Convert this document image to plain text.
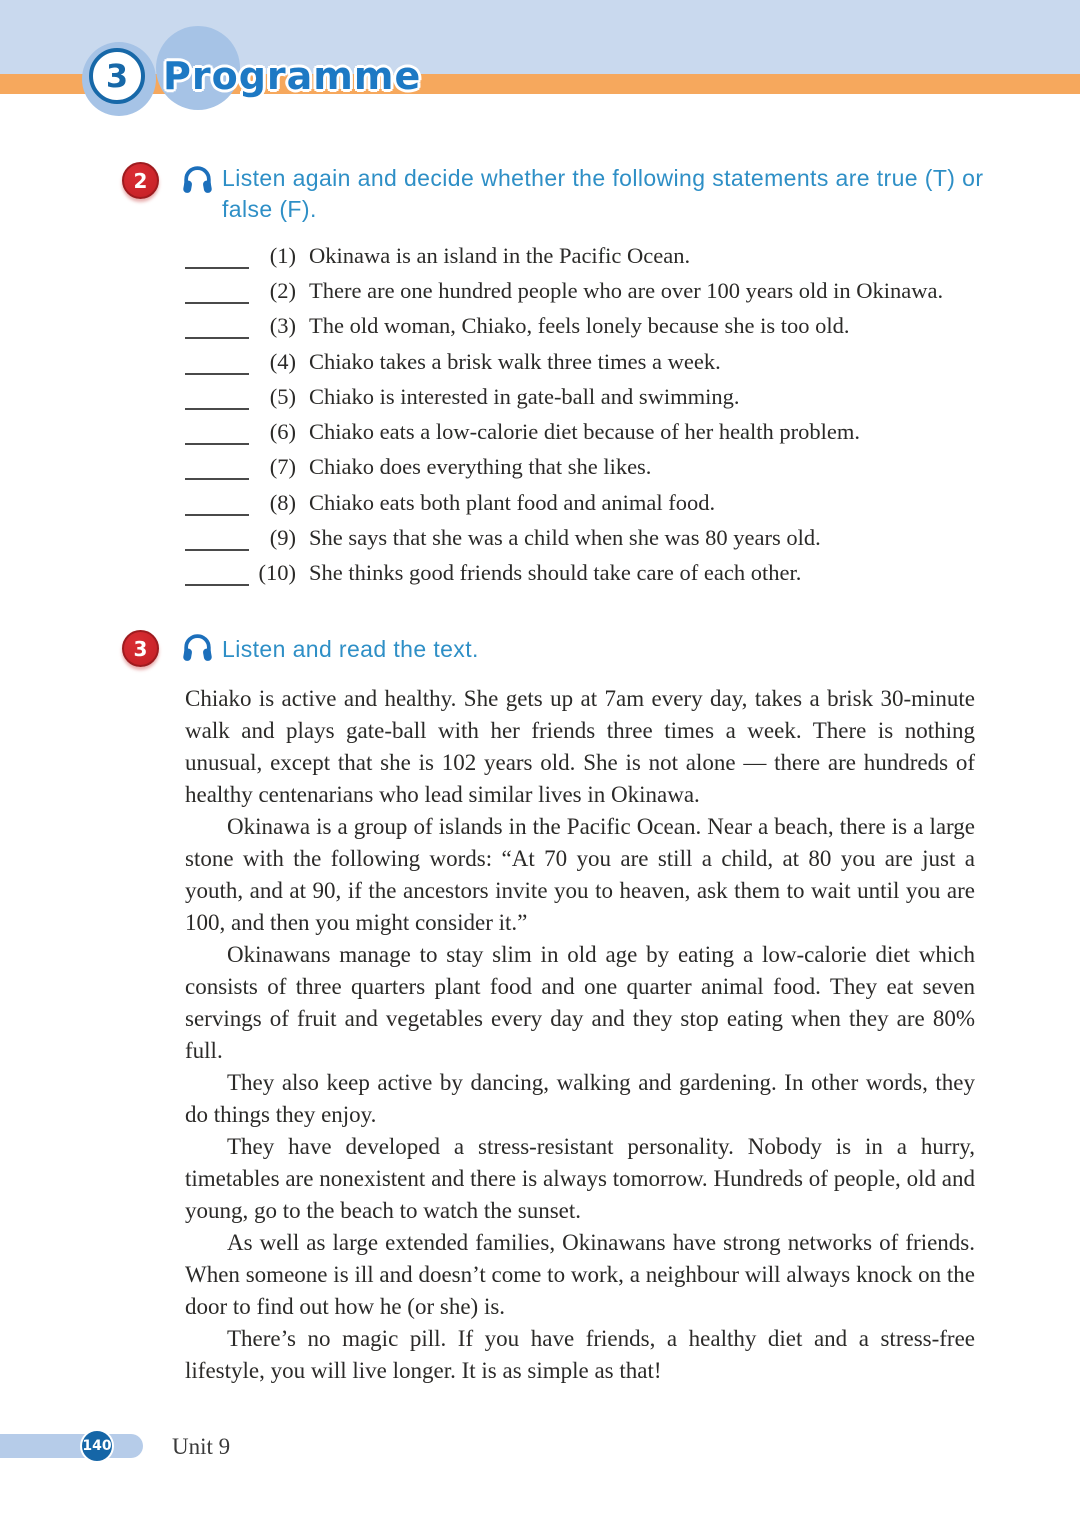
3 Programme
2	Listen again and decide whether the following statements are true (T) or false (F).
(1) Okinawa is an island in the Pacific Ocean.
(2) There are one hundred people who are over 100 years old in Okinawa.
(3) The old woman, Chiako, feels lonely because she is too old.
(4) Chiako takes a brisk walk three times a week.
(5) Chiako is interested in gate-ball and swimming.
(6) Chiako eats a low-calorie diet because of her health problem.
(7) Chiako does everything that she likes.
(8) Chiako eats both plant food and animal food.
(9) She says that she was a child when she was 80 years old.
(10) She thinks good friends should take care of each other.
3	Listen and read the text.

Chiako is active and healthy. She gets up at 7am every day, takes a brisk 30-minute walk and plays gate-ball with her friends three times a week. There is nothing unusual, except that she is 102 years old. She is not alone — there are hundreds of healthy centenarians who lead similar lives in Okinawa.

Okinawa is a group of islands in the Pacific Ocean. Near a beach, there is a large stone with the following words: “At 70 you are still a child, at 80 you are just a youth, and at 90, if the ancestors invite you to heaven, ask them to wait until you are 100, and then you might consider it.”

Okinawans manage to stay slim in old age by eating a low-calorie diet which consists of three quarters plant food and one quarter animal food. They eat seven servings of fruit and vegetables every day and they stop eating when they are 80% full.

They also keep active by dancing, walking and gardening. In other words, they do things they enjoy.

They have developed a stress-resistant personality. Nobody is in a hurry, timetables are nonexistent and there is always tomorrow. Hundreds of people, old and young, go to the beach to watch the sunset.

As well as large extended families, Okinawans have strong networks of friends. When someone is ill and doesn’t come to work, a neighbour will always knock on the door to find out how he (or she) is.

There’s no magic pill. If you have friends, a healthy diet and a stress-free lifestyle, you will live longer. It is as simple as that!

140	Unit 9
